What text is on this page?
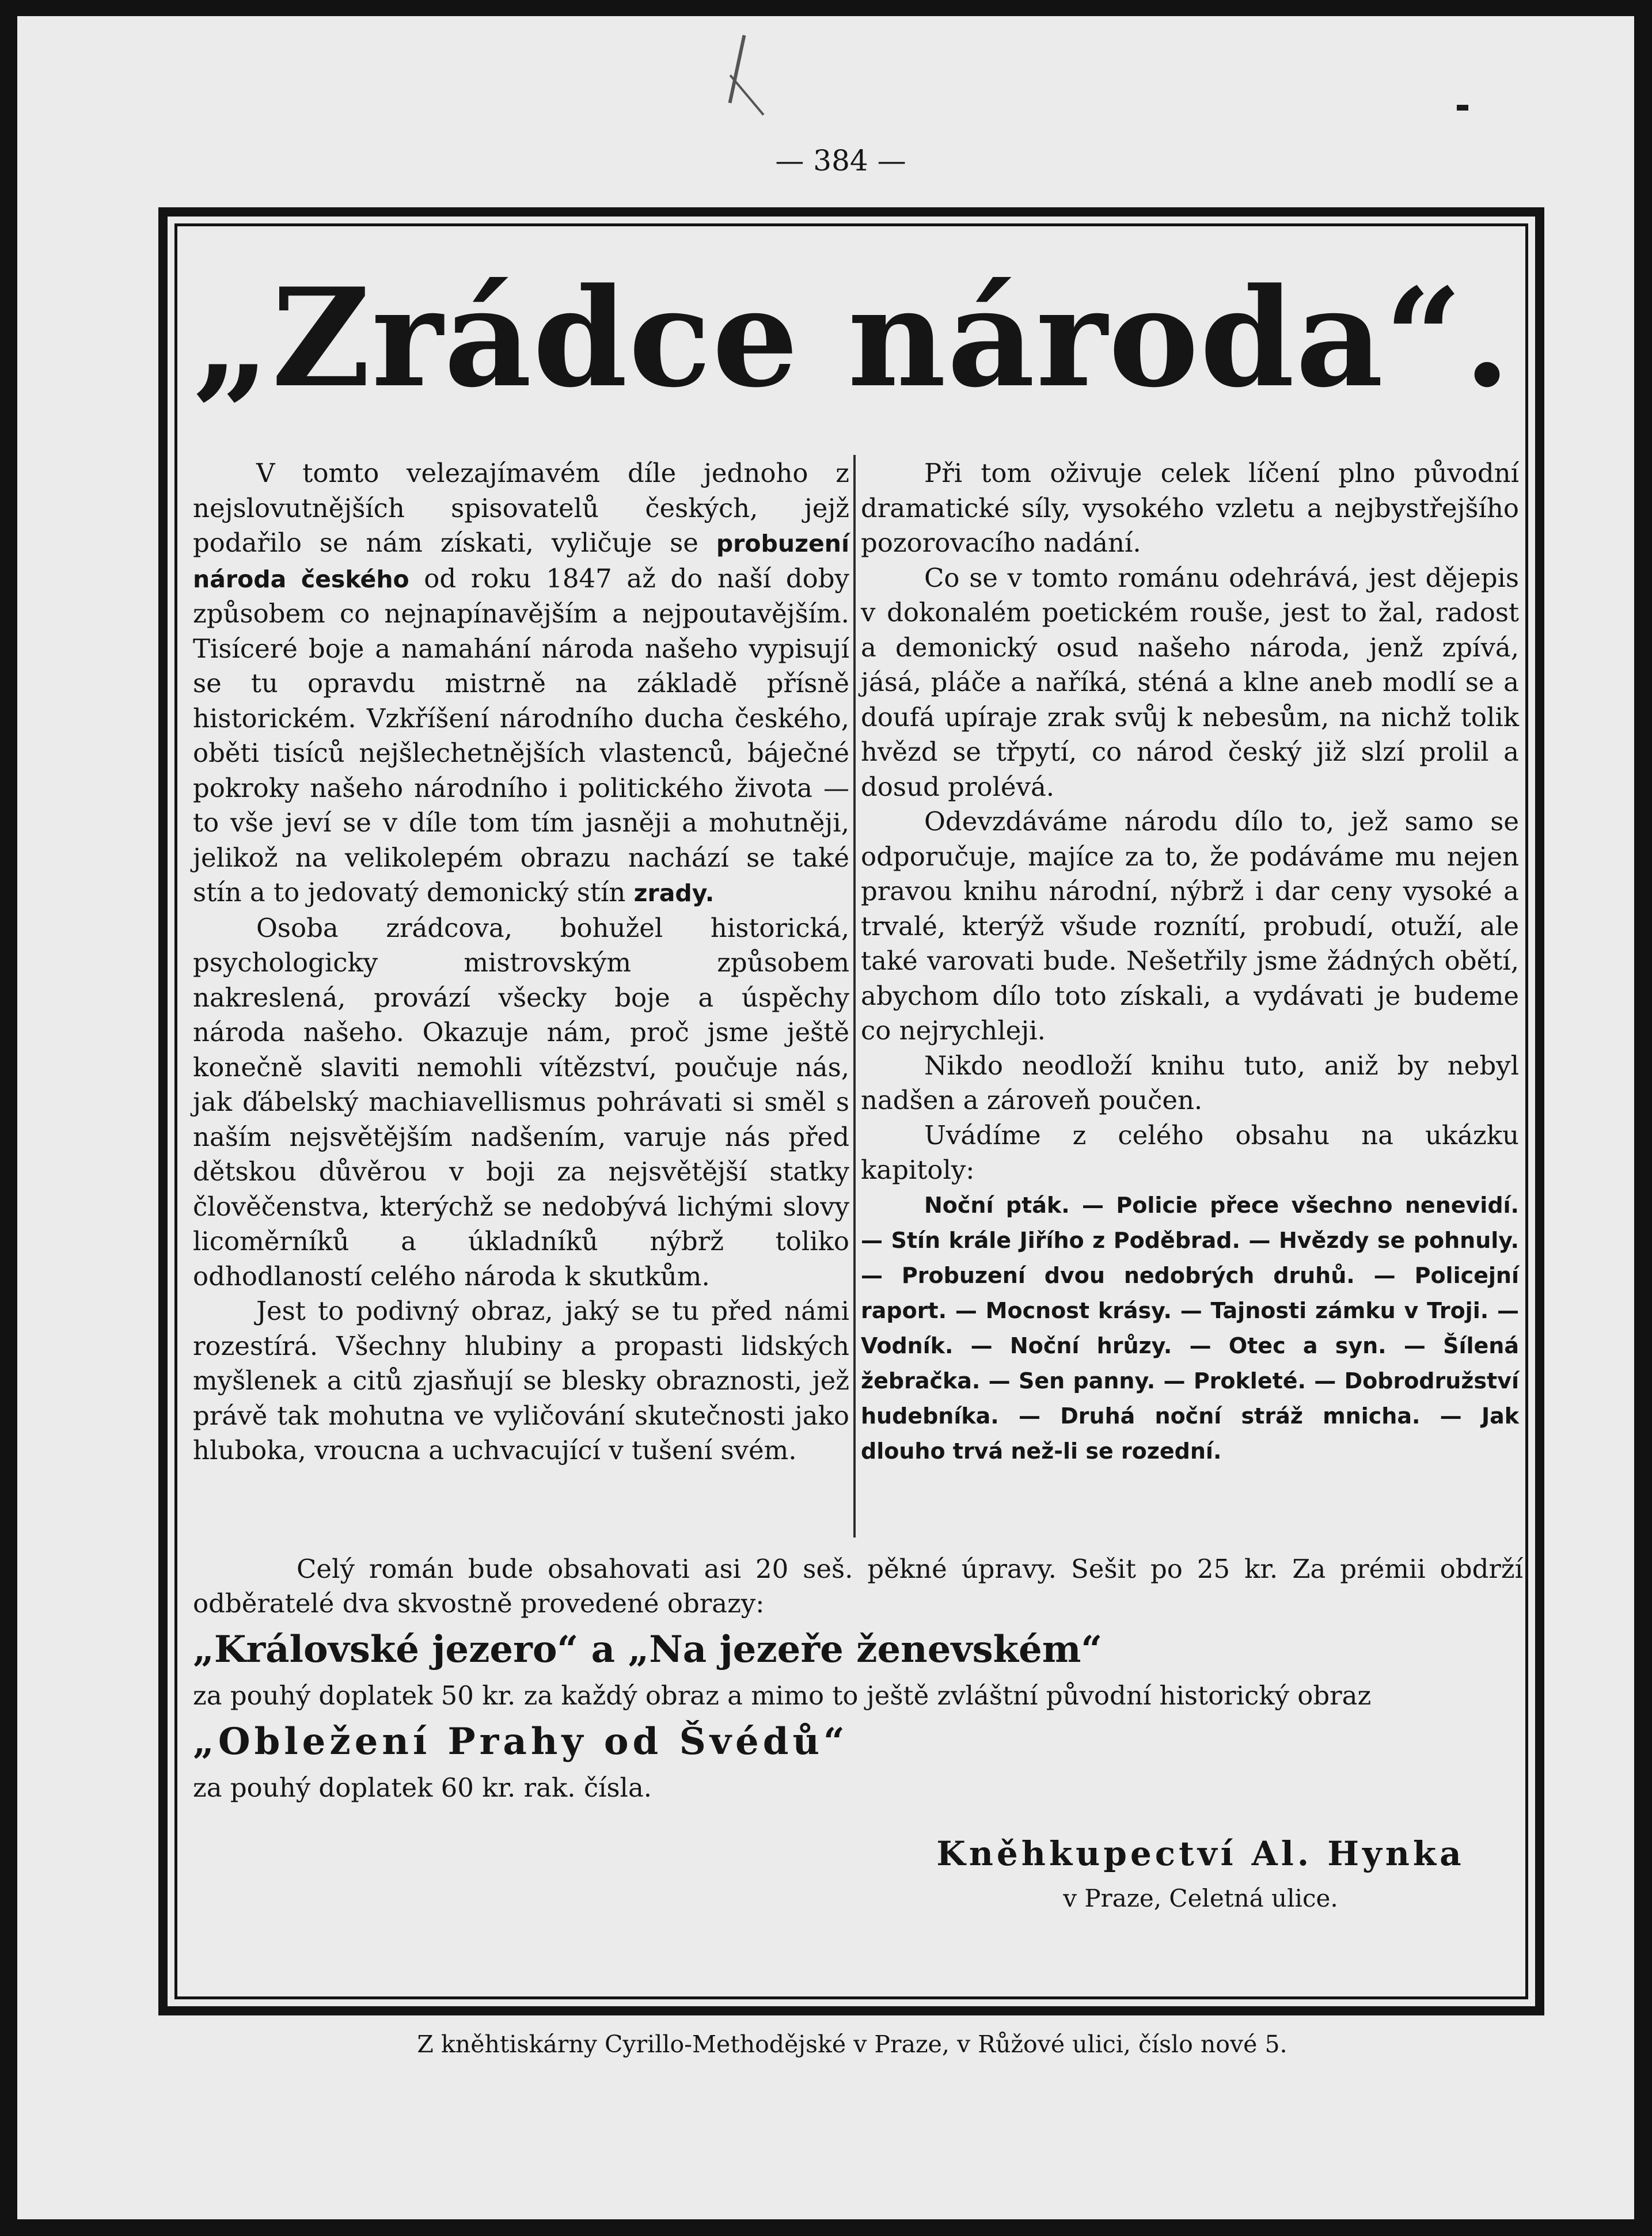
— 384 —
„Zrádce národa“.

V tomto velezajímavém díle jednoho z nejslovutnějších spisovatelů českých, jejž podařilo se nám získati, vyličuje se probuzení národa českého od roku 1847 až do naší doby způsobem co nejnapínavějším a nejpoutavějším. Tisíceré boje a namahání národa našeho vypisují se tu opravdu mistrně na základě přísně historickém. Vzkříšení národního ducha českého, oběti tisíců nejšlechetnějších vlastenců, báječné pokroky našeho národního i politického života — to vše jeví se v díle tom tím jasněji a mohutněji, jelikož na velikolepém obrazu nachází se také stín a to jedovatý demonický stín zrady.

Osoba zrádcova, bohužel historická, psychologicky mistrovským způsobem nakreslená, provází všecky boje a úspěchy národa našeho. Okazuje nám, proč jsme ještě konečně slaviti nemohli vítězství, poučuje nás, jak ďábelský machiavellismus pohrávati si směl s naším nejsvětějším nadšením, varuje nás před dětskou důvěrou v boji za nejsvětější statky člověčenstva, kterýchž se nedobývá lichými slovy licoměrníků a úkladníků nýbrž toliko odhodlaností celého národa k skutkům.

Jest to podivný obraz, jaký se tu před námi rozestírá. Všechny hlubiny a propasti lidských myšlenek a citů zjasňují se blesky obraznosti, jež právě tak mohutna ve vyličování skutečnosti jako hluboka, vroucna a uchvacující v tušení svém.

Při tom oživuje celek líčení plno původní dramatické síly, vysokého vzletu a nejbystřejšího pozorovacího nadání.

Co se v tomto románu odehrává, jest dějepis v dokonalém poetickém rouše, jest to žal, radost a demonický osud našeho národa, jenž zpívá, jásá, pláče a naříká, sténá a klne aneb modlí se a doufá upíraje zrak svůj k nebesům, na nichž tolik hvězd se třpytí, co národ český již slzí prolil a dosud prolévá.

Odevzdáváme národu dílo to, jež samo se odporučuje, majíce za to, že podáváme mu nejen pravou knihu národní, nýbrž i dar ceny vysoké a trvalé, kterýž všude roznítí, probudí, otuží, ale také varovati bude. Nešetřily jsme žádných obětí, abychom dílo toto získali, a vydávati je budeme co nejrychleji.

Nikdo neodloží knihu tuto, aniž by nebyl nadšen a zároveň poučen.

Uvádíme z celého obsahu na ukázku kapitoly:

Noční pták. — Policie přece všechno nenevidí. — Stín krále Jiřího z Poděbrad. — Hvězdy se pohnuly. — Probuzení dvou nedobrých druhů. — Policejní raport. — Mocnost krásy. — Tajnosti zámku v Troji. — Vodník. — Noční hrůzy. — Otec a syn. — Šílená žebračka. — Sen panny. — Prokleté. — Dobrodružství hudebníka. — Druhá noční stráž mnicha. — Jak dlouho trvá než-li se rozední.

Celý román bude obsahovati asi 20 seš. pěkné úpravy. Sešit po 25 kr. Za prémii obdrží odběratelé dva skvostně provedené obrazy:

„Královské jezero“ a „Na jezeře ženevském“

za pouhý doplatek 50 kr. za každý obraz a mimo to ještě zvláštní původní historický obraz

„Obležení Prahy od Švédů“

za pouhý doplatek 60 kr. rak. čísla.

Kněhkupectví Al. Hynka
v Praze, Celetná ulice.
Z kněhtiskárny Cyrillo-Methodějské v Praze, v Růžové ulici, číslo nové 5.
